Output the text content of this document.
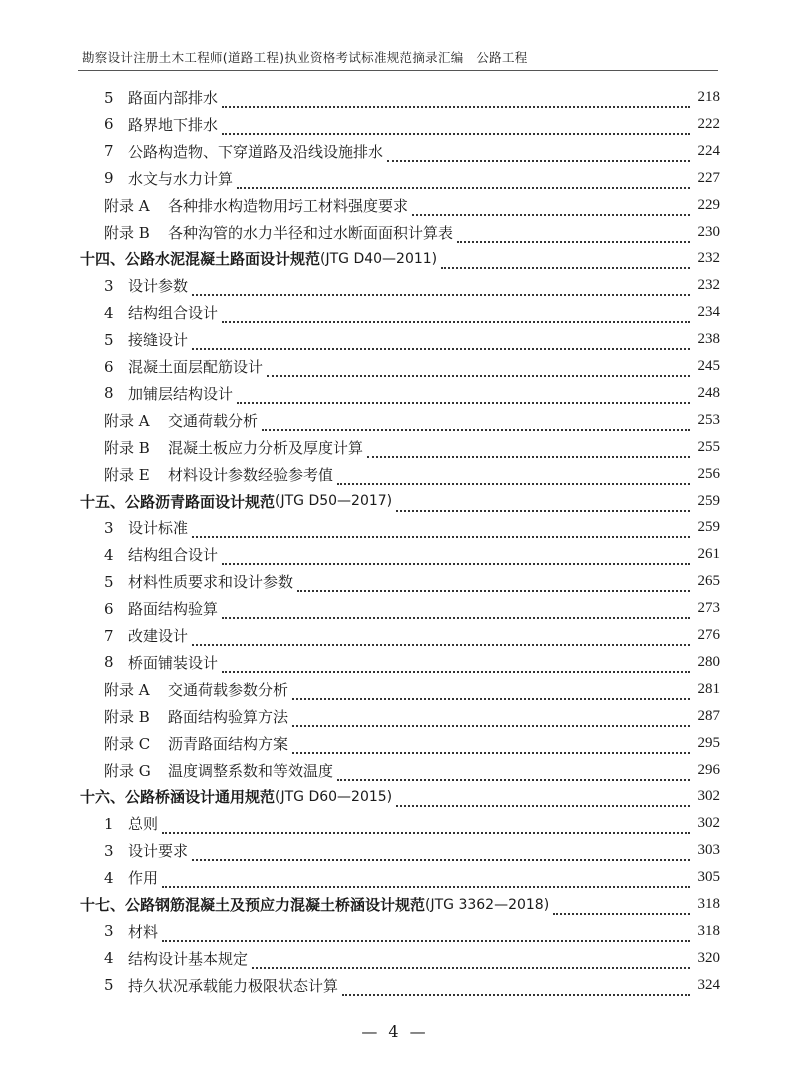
勘察设计注册土木工程师(道路工程)执业资格考试标准规范摘录汇编　公路工程
5 路面内部排水	218
6 路界地下排水	222
7 公路构造物、下穿道路及沿线设施排水	224
9 水文与水力计算	227
附录 A	各种排水构造物用圬工材料强度要求	229
附录 B	各种沟管的水力半径和过水断面面积计算表	230
十四、公路水泥混凝土路面设计规范 (JTG D40—2011)	232
3 设计参数	232
4 结构组合设计	234
5 接缝设计	238
6 混凝土面层配筋设计	245
8 加铺层结构设计	248
附录 A	交通荷载分析	253
附录 B	混凝土板应力分析及厚度计算	255
附录 E	材料设计参数经验参考值	256
十五、公路沥青路面设计规范 (JTG D50—2017)	259
3 设计标准	259
4 结构组合设计	261
5 材料性质要求和设计参数	265
6 路面结构验算	273
7 改建设计	276
8 桥面铺装设计	280
附录 A	交通荷载参数分析	281
附录 B	路面结构验算方法	287
附录 C	沥青路面结构方案	295
附录 G	温度调整系数和等效温度	296
十六、公路桥涵设计通用规范 (JTG D60—2015)	302
1 总则	302
3 设计要求	303
4 作用	305
十七、公路钢筋混凝土及预应力混凝土桥涵设计规范 (JTG 3362—2018)	318
3 材料	318
4 结构设计基本规定	320
5 持久状况承载能力极限状态计算	324
— 4 —
